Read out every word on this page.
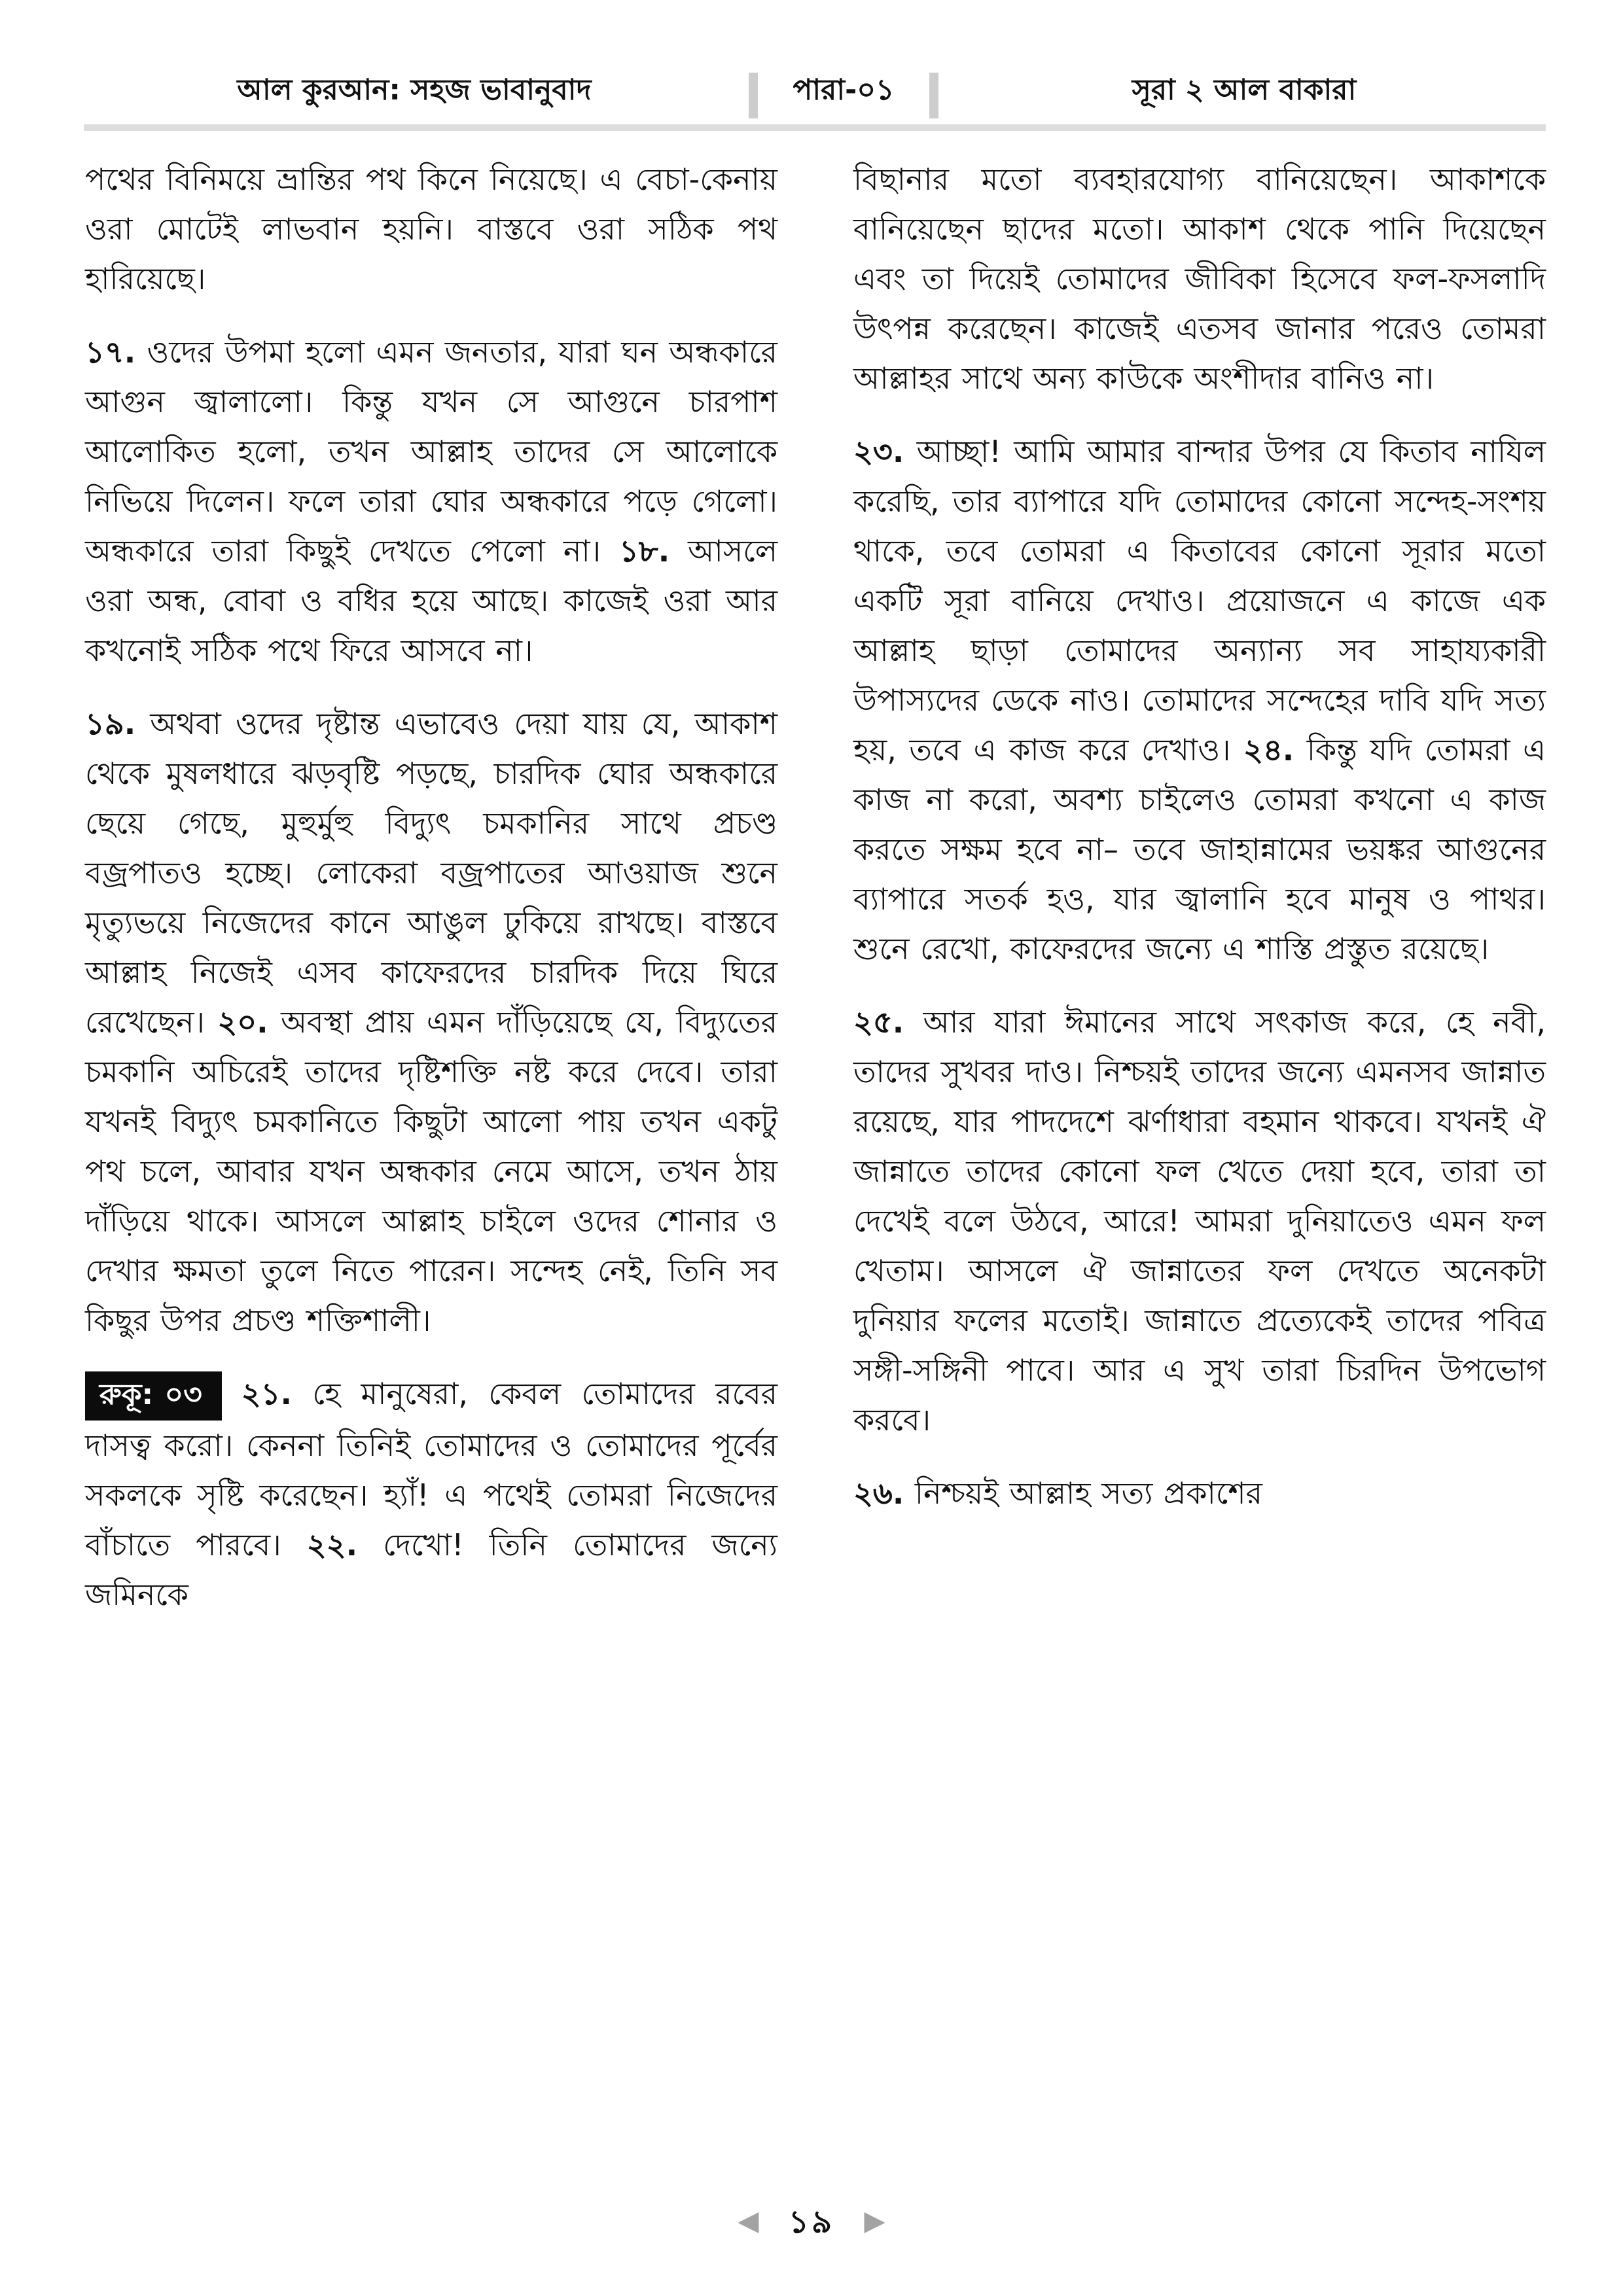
আল কুরআন: সহজ ভাবানুবাদ	পারা-০১	সূরা ২ আল বাকারা

পথের বিনিময়ে ভ্রান্তির পথ কিনে নিয়েছে। এ বেচা-কেনায় ওরা মোটেই লাভবান হয়নি। বাস্তবে ওরা সঠিক পথ হারিয়েছে।

১৭. ওদের উপমা হলো এমন জনতার, যারা ঘন অন্ধকারে আগুন জ্বালালো। কিন্তু যখন সে আগুনে চারপাশ আলোকিত হলো, তখন আল্লাহ তাদের সে আলোকে নিভিয়ে দিলেন। ফলে তারা ঘোর অন্ধকারে পড়ে গেলো। অন্ধকারে তারা কিছুই দেখতে পেলো না। ১৮. আসলে ওরা অন্ধ, বোবা ও বধির হয়ে আছে। কাজেই ওরা আর কখনোই সঠিক পথে ফিরে আসবে না।

১৯. অথবা ওদের দৃষ্টান্ত এভাবেও দেয়া যায় যে, আকাশ থেকে মুষলধারে ঝড়বৃষ্টি পড়ছে, চারদিক ঘোর অন্ধকারে ছেয়ে গেছে, মুহুর্মুহু বিদ্যুৎ চমকানির সাথে প্রচণ্ড বজ্রপাতও হচ্ছে। লোকেরা বজ্রপাতের আওয়াজ শুনে মৃত্যুভয়ে নিজেদের কানে আঙুল ঢুকিয়ে রাখছে। বাস্তবে আল্লাহ নিজেই এসব কাফেরদের চারদিক দিয়ে ঘিরে রেখেছেন। ২০. অবস্থা প্রায় এমন দাঁড়িয়েছে যে, বিদ্যুতের চমকানি অচিরেই তাদের দৃষ্টিশক্তি নষ্ট করে দেবে। তারা যখনই বিদ্যুৎ চমকানিতে কিছুটা আলো পায় তখন একটু পথ চলে, আবার যখন অন্ধকার নেমে আসে, তখন ঠায় দাঁড়িয়ে থাকে। আসলে আল্লাহ চাইলে ওদের শোনার ও দেখার ক্ষমতা তুলে নিতে পারেন। সন্দেহ নেই, তিনি সব কিছুর উপর প্রচণ্ড শক্তিশালী।

রুকূ: ০৩ ২১. হে মানুষেরা, কেবল তোমাদের রবের দাসত্ব করো। কেননা তিনিই তোমাদের ও তোমাদের পূর্বের সকলকে সৃষ্টি করেছেন। হ্যাঁ! এ পথেই তোমরা নিজেদের বাঁচাতে পারবে। ২২. দেখো! তিনি তোমাদের জন্যে জমিনকে

বিছানার মতো ব্যবহারযোগ্য বানিয়েছেন। আকাশকে বানিয়েছেন ছাদের মতো। আকাশ থেকে পানি দিয়েছেন এবং তা দিয়েই তোমাদের জীবিকা হিসেবে ফল-ফসলাদি উৎপন্ন করেছেন। কাজেই এতসব জানার পরেও তোমরা আল্লাহর সাথে অন্য কাউকে অংশীদার বানিও না।

২৩. আচ্ছা! আমি আমার বান্দার উপর যে কিতাব নাযিল করেছি, তার ব্যাপারে যদি তোমাদের কোনো সন্দেহ-সংশয় থাকে, তবে তোমরা এ কিতাবের কোনো সূরার মতো একটি সূরা বানিয়ে দেখাও। প্রয়োজনে এ কাজে এক আল্লাহ ছাড়া তোমাদের অন্যান্য সব সাহায্যকারী উপাস্যদের ডেকে নাও। তোমাদের সন্দেহের দাবি যদি সত্য হয়, তবে এ কাজ করে দেখাও। ২৪. কিন্তু যদি তোমরা এ কাজ না করো, অবশ্য চাইলেও তোমরা কখনো এ কাজ করতে সক্ষম হবে না– তবে জাহান্নামের ভয়ঙ্কর আগুনের ব্যাপারে সতর্ক হও, যার জ্বালানি হবে মানুষ ও পাথর। শুনে রেখো, কাফেরদের জন্যে এ শাস্তি প্রস্তুত রয়েছে।

২৫. আর যারা ঈমানের সাথে সৎকাজ করে, হে নবী, তাদের সুখবর দাও। নিশ্চয়ই তাদের জন্যে এমনসব জান্নাত রয়েছে, যার পাদদেশে ঝর্ণাধারা বহমান থাকবে। যখনই ঐ জান্নাতে তাদের কোনো ফল খেতে দেয়া হবে, তারা তা দেখেই বলে উঠবে, আরে! আমরা দুনিয়াতেও এমন ফল খেতাম। আসলে ঐ জান্নাতের ফল দেখতে অনেকটা দুনিয়ার ফলের মতোই। জান্নাতে প্রত্যেকেই তাদের পবিত্র সঙ্গী-সঙ্গিনী পাবে। আর এ সুখ তারা চিরদিন উপভোগ করবে।

২৬. নিশ্চয়ই আল্লাহ সত্য প্রকাশের

◀ ১৯ ▶
